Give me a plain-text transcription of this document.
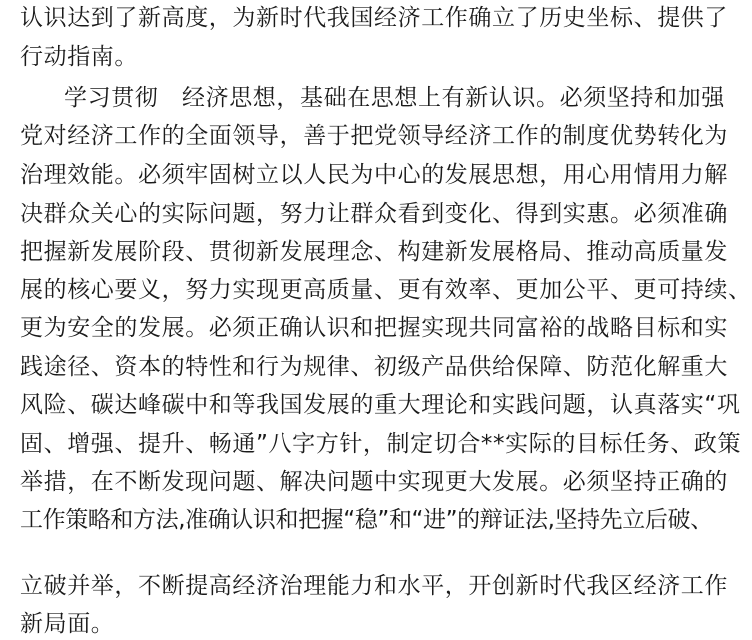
认识达到了新高度，为新时代我国经济工作确立了历史坐标、提供了
行动指南。
学习贯彻　经济思想，基础在思想上有新认识。必须坚持和加强
党对经济工作的全面领导，善于把党领导经济工作的制度优势转化为
治理效能。必须牢固树立以人民为中心的发展思想，用心用情用力解
决群众关心的实际问题，努力让群众看到变化、得到实惠。必须准确
把握新发展阶段、贯彻新发展理念、构建新发展格局、推动高质量发
展的核心要义，努力实现更高质量、更有效率、更加公平、更可持续、
更为安全的发展。必须正确认识和把握实现共同富裕的战略目标和实
践途径、资本的特性和行为规律、初级产品供给保障、防范化解重大
风险、碳达峰碳中和等我国发展的重大理论和实践问题，认真落实“巩
固、增强、提升、畅通”八字方针，制定切合**实际的目标任务、政策
举措，在不断发现问题、解决问题中实现更大发展。必须坚持正确的
工作策略和方法,准确认识和把握“稳”和“进”的辩证法,坚持先立后破、
立破并举，不断提高经济治理能力和水平，开创新时代我区经济工作
新局面。
